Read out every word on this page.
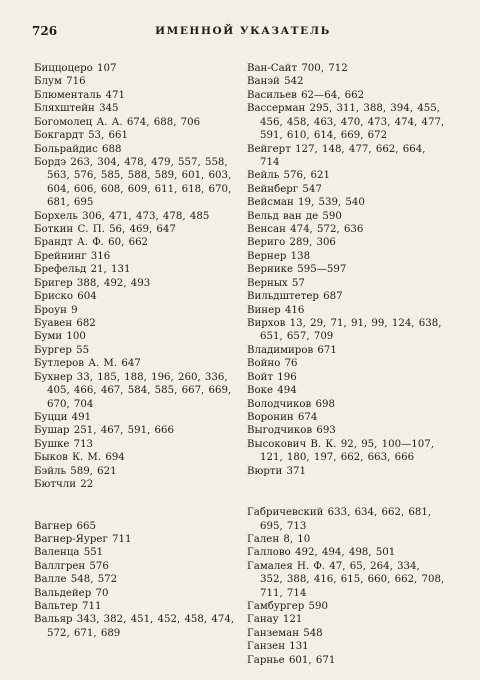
726	ИМЕННОЙ УКАЗАТЕЛЬ
Биццоцеро 107
Блум 716
Блюменталь 471
Бляхштейн 345
Богомолец А. А. 674, 688, 706
Бокгардт 53, 661
Больрайдис 688
Бордэ 263, 304, 478, 479, 557, 558, 563, 576, 585, 588, 589, 601, 603, 604, 606, 608, 609, 611, 618, 670, 681, 695
Борхель 306, 471, 473, 478, 485
Боткин С. П. 56, 469, 647
Брандт А. Ф. 60, 662
Брейнинг 316
Брефельд 21, 131
Бригер 388, 492, 493
Бриско 604
Броун 9
Буавен 682
Буми 100
Бургер 55
Бутлеров А. М. 647
Бухнер 33, 185, 188, 196, 260, 336, 405, 466, 467, 584, 585, 667, 669, 670, 704
Буцци 491
Бушар 251, 467, 591, 666
Бушке 713
Быков К. М. 694
Бэйль 589, 621
Бютчли 22
Вагнер 665
Вагнер-Яурег 711
Валенца 551
Валлгрен 576
Валле 548, 572
Вальдейер 70
Вальтер 711
Вальяр 343, 382, 451, 452, 458, 474, 572, 671, 689
Ван-Сайт 700, 712
Ванэй 542
Васильев 62—64, 662
Вассерман 295, 311, 388, 394, 455, 456, 458, 463, 470, 473, 474, 477, 591, 610, 614, 669, 672
Вейгерт 127, 148, 477, 662, 664, 714
Вейль 576, 621
Вейнберг 547
Вейсман 19, 539, 540
Вельд ван де 590
Венсан 474, 572, 636
Вериго 289, 306
Вернер 138
Вернике 595—597
Верных 57
Вильдштетер 687
Винер 416
Вирхов 13, 29, 71, 91, 99, 124, 638, 651, 657, 709
Владимиров 671
Войно 76
Войт 196
Воке 494
Володчиков 698
Воронин 674
Выгодчиков 693
Высокович В. К. 92, 95, 100—107, 121, 180, 197, 662, 663, 666
Вюрти 371
Габричевский 633, 634, 662, 681, 695, 713
Гален 8, 10
Галлово 492, 494, 498, 501
Гамалея Н. Ф. 47, 65, 264, 334, 352, 388, 416, 615, 660, 662, 708, 711, 714
Гамбургер 590
Ганау 121
Ганземан 548
Ганзен 131
Гарнье 601, 671
